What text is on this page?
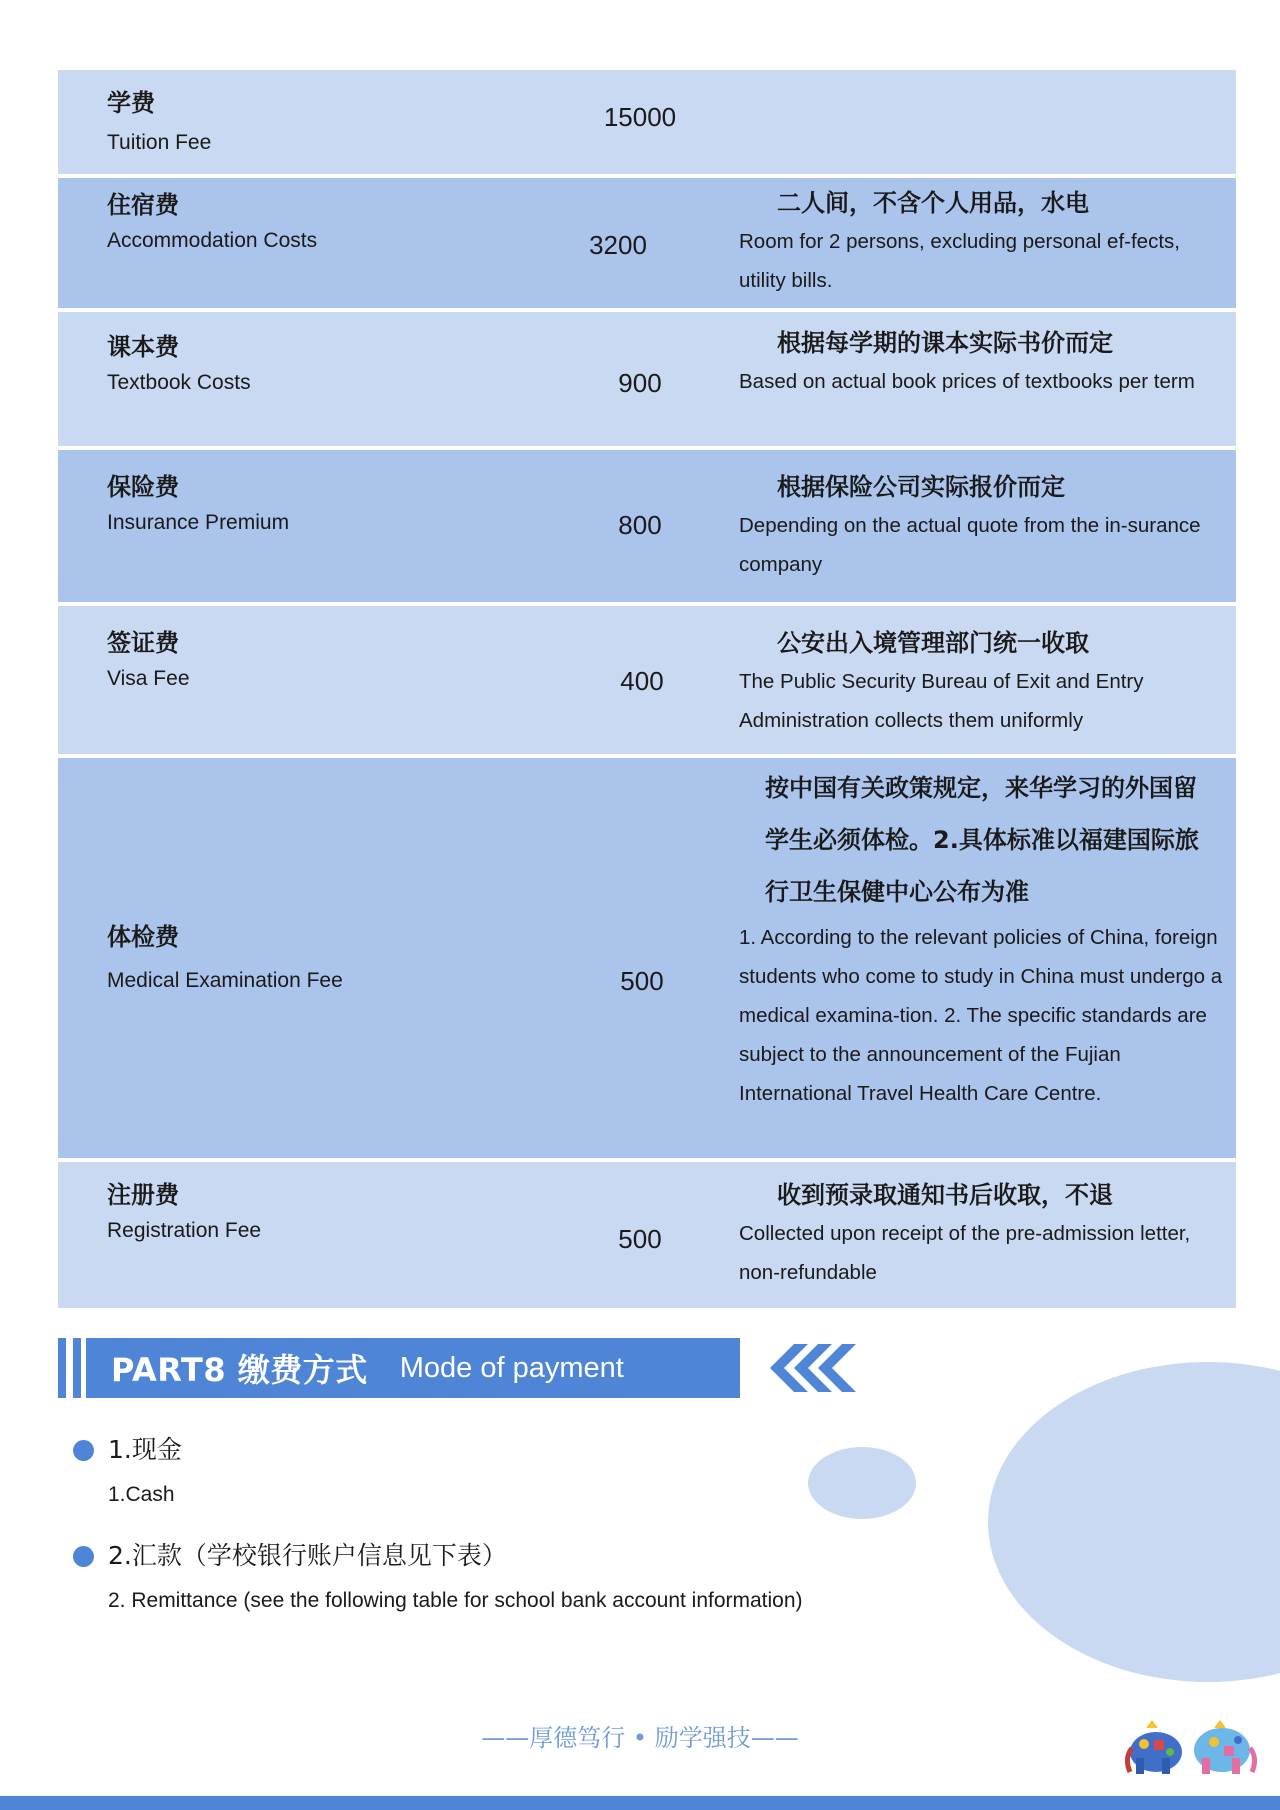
学费
Tuition Fee
15000
住宿费
Accommodation Costs	3200
二人间，不含个人用品，水电
Room for 2 persons, excluding personal ef-fects, utility bills.
课本费
Textbook Costs	900
根据每学期的课本实际书价而定
Based on actual book prices of textbooks per term
保险费
Insurance Premium	800
根据保险公司实际报价而定
Depending on the actual quote from the in-surance company
签证费
Visa Fee	400
公安出入境管理部门统一收取
The Public Security Bureau of Exit and Entry Administration collects them uniformly
体检费
Medical Examination Fee	500
按中国有关政策规定，来华学习的外国留学生必须体检。2.具体标准以福建国际旅行卫生保健中心公布为准
1. According to the relevant policies of China, foreign students who come to study in China must undergo a medical examina-tion. 2. The specific standards are subject to the announcement of the Fujian International Travel Health Care Centre.
注册费
Registration Fee	500
收到预录取通知书后收取，不退
Collected upon receipt of the pre-admission letter, non-refundable
PART8 缴费方式 Mode of payment
1.现金
1.Cash
2.汇款（学校银行账户信息见下表）
2. Remittance (see the following table for school bank account information)
——厚德笃行 • 励学强技——
